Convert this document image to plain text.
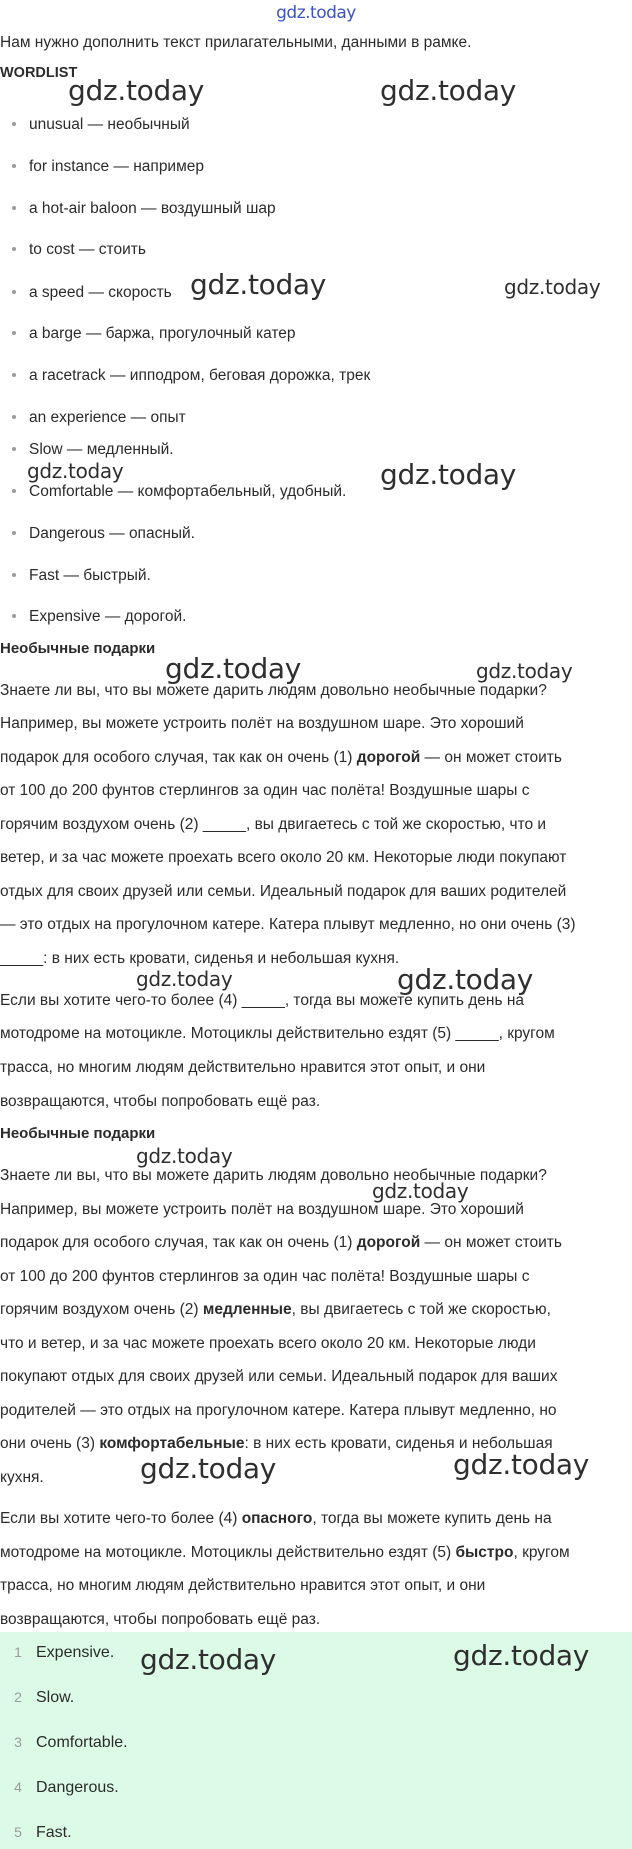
gdz.today
Нам нужно дополнить текст прилагательными, данными в рамке.
WORDLIST
unusual — необычный
for instance — например
a hot-air baloon — воздушный шар
to cost — стоить
a speed — скорость
a barge — баржа, прогулочный катер
a racetrack — ипподром, беговая дорожка, трек
an experience — опыт
Slow — медленный.
Comfortable — комфортабельный, удобный.
Dangerous — опасный.
Fast — быстрый.
Expensive — дорогой.
Необычные подарки
Знаете ли вы, что вы можете дарить людям довольно необычные подарки?
Например, вы можете устроить полёт на воздушном шаре. Это хороший
подарок для особого случая, так как он очень (1) дорогой — он может стоить
от 100 до 200 фунтов стерлингов за один час полёта! Воздушные шары с
горячим воздухом очень (2) _____, вы двигаетесь с той же скоростью, что и
ветер, и за час можете проехать всего около 20 км. Некоторые люди покупают
отдых для своих друзей или семьи. Идеальный подарок для ваших родителей
— это отдых на прогулочном катере. Катера плывут медленно, но они очень (3)
_____: в них есть кровати, сиденья и небольшая кухня.
Если вы хотите чего-то более (4) _____, тогда вы можете купить день на
мотодроме на мотоцикле. Мотоциклы действительно ездят (5) _____, кругом
трасса, но многим людям действительно нравится этот опыт, и они
возвращаются, чтобы попробовать ещё раз.
Необычные подарки
Знаете ли вы, что вы можете дарить людям довольно необычные подарки?
Например, вы можете устроить полёт на воздушном шаре. Это хороший
подарок для особого случая, так как он очень (1) дорогой — он может стоить
от 100 до 200 фунтов стерлингов за один час полёта! Воздушные шары с
горячим воздухом очень (2) медленные, вы двигаетесь с той же скоростью,
что и ветер, и за час можете проехать всего около 20 км. Некоторые люди
покупают отдых для своих друзей или семьи. Идеальный подарок для ваших
родителей — это отдых на прогулочном катере. Катера плывут медленно, но
они очень (3) комфортабельные: в них есть кровати, сиденья и небольшая
кухня.
Если вы хотите чего-то более (4) опасного, тогда вы можете купить день на
мотодроме на мотоцикле. Мотоциклы действительно ездят (5) быстро, кругом
трасса, но многим людям действительно нравится этот опыт, и они
возвращаются, чтобы попробовать ещё раз.
1 Expensive.
2 Slow.
3 Comfortable.
4 Dangerous.
5 Fast.
gdz.today	gdz.today
gdz.today	gdz.today
gdz.today	gdz.today
gdz.today	gdz.today
gdz.today	gdz.today
gdz.today
gdz.today
gdz.today	gdz.today
gdz.today	gdz.today
